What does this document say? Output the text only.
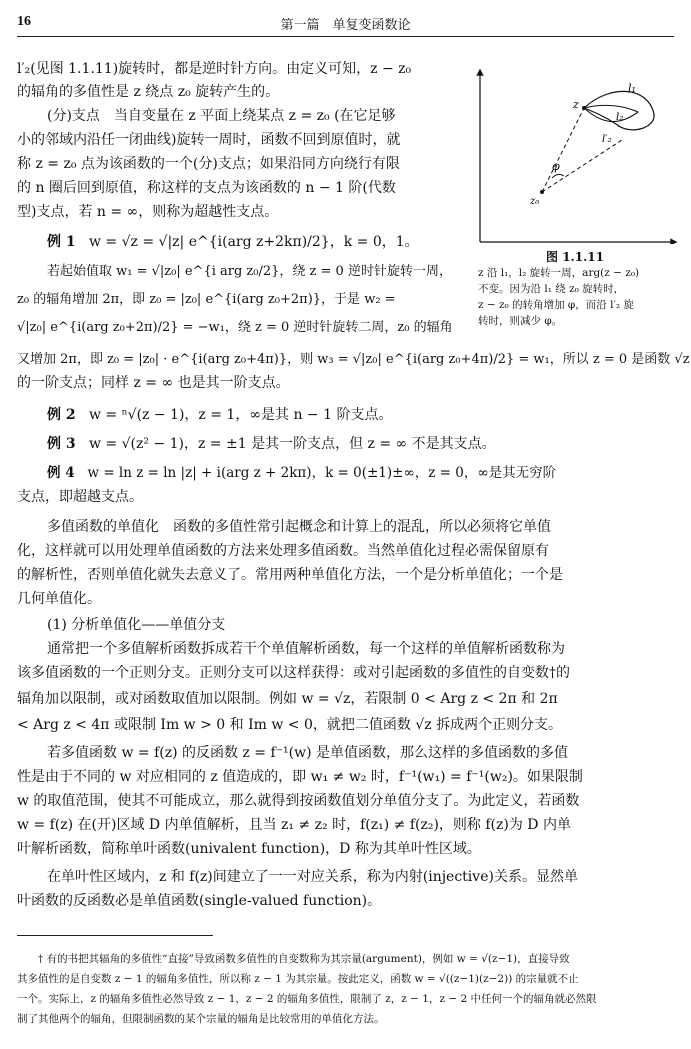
16	第一篇　单复变函数论
l′₂(见图 1.1.11)旋转时，都是逆时针方向。由定义可知，z − z₀
的辐角的多值性是 z 绕点 z₀ 旋转产生的。
(分)支点　当自变量在 z 平面上绕某点 z = z₀ (在它足够
小的邻域内沿任一闭曲线)旋转一周时，函数不回到原值时，就
称 z = z₀ 点为该函数的一个(分)支点；如果沿同方向绕行有限
的 n 圈后回到原值，称这样的支点为该函数的 n − 1 阶(代数
型)支点，若 n = ∞，则称为超越性支点。
例 1 w = √z = √|z| e^{i(arg z+2kπ)/2}，k = 0，1。
若起始值取 w₁ = √|z₀| e^{i arg z₀/2}，绕 z = 0 逆时针旋转一周，
z₀ 的辐角增加 2π，即 z₀ = |z₀| e^{i(arg z₀+2π)}，于是 w₂ =
√|z₀| e^{i(arg z₀+2π)/2} = −w₁，绕 z = 0 逆时针旋转二周，z₀ 的辐角
又增加 2π，即 z₀ = |z₀| · e^{i(arg z₀+4π)}，则 w₃ = √|z₀| e^{i(arg z₀+4π)/2} = w₁，所以 z = 0 是函数 √z
的一阶支点；同样 z = ∞ 也是其一阶支点。
例 2 w = ⁿ√(z − 1)，z = 1，∞是其 n − 1 阶支点。
例 3 w = √(z² − 1)，z = ±1 是其一阶支点，但 z = ∞ 不是其支点。
例 4 w = ln z = ln |z| + i(arg z + 2kπ)，k = 0(±1)±∞，z = 0，∞是其无穷阶
支点，即超越支点。
多值函数的单值化　函数的多值性常引起概念和计算上的混乱，所以必须将它单值
化，这样就可以用处理单值函数的方法来处理多值函数。当然单值化过程必需保留原有
的解析性，否则单值化就失去意义了。常用两种单值化方法，一个是分析单值化；一个是
几何单值化。
(1) 分析单值化——单值分支
通常把一个多值解析函数拆成若干个单值解析函数，每一个这样的单值解析函数称为
该多值函数的一个正则分支。正则分支可以这样获得：或对引起函数的多值性的自变数†的
辐角加以限制，或对函数取值加以限制。例如 w = √z，若限制 0 < Arg z < 2π 和 2π
< Arg z < 4π 或限制 Im w > 0 和 Im w < 0，就把二值函数 √z 拆成两个正则分支。
若多值函数 w = f(z) 的反函数 z = f⁻¹(w) 是单值函数，那么这样的多值函数的多值
性是由于不同的 w 对应相同的 z 值造成的，即 w₁ ≠ w₂ 时，f⁻¹(w₁) = f⁻¹(w₂)。如果限制
w 的取值范围，使其不可能成立，那么就得到按函数值划分单值分支了。为此定义，若函数
w = f(z) 在(开)区域 D 内单值解析，且当 z₁ ≠ z₂ 时，f(z₁) ≠ f(z₂)，则称 f(z)为 D 内单
叶解析函数，简称单叶函数(univalent function)，D 称为其单叶性区域。
在单叶性区域内，z 和 f(z)间建立了一一对应关系，称为内射(injective)关系。显然单
叶函数的反函数必是单值函数(single-valued function)。
l₁
l₂
l′₂
z
z₀
φ
图 1.1.11
z 沿 l₁，l₂ 旋转一周，arg(z − z₀)
不变。因为沿 l₁ 绕 z₀ 旋转时，
z − z₀ 的转角增加 φ，而沿 l′₂ 旋
转时，则减少 φ。
† 有的书把其辐角的多值性“直接”导致函数多值性的自变数称为其宗量(argument)，例如 w = √(z−1)，直接导致
其多值性的是自变数 z − 1 的辐角多值性，所以称 z − 1 为其宗量。按此定义，函数 w = √((z−1)(z−2)) 的宗量就不止
一个。实际上，z 的辐角多值性必然导致 z − 1，z − 2 的辐角多值性，限制了 z，z − 1，z − 2 中任何一个的辐角就必然限
制了其他两个的辐角，但限制函数的某个宗量的辐角是比较常用的单值化方法。
